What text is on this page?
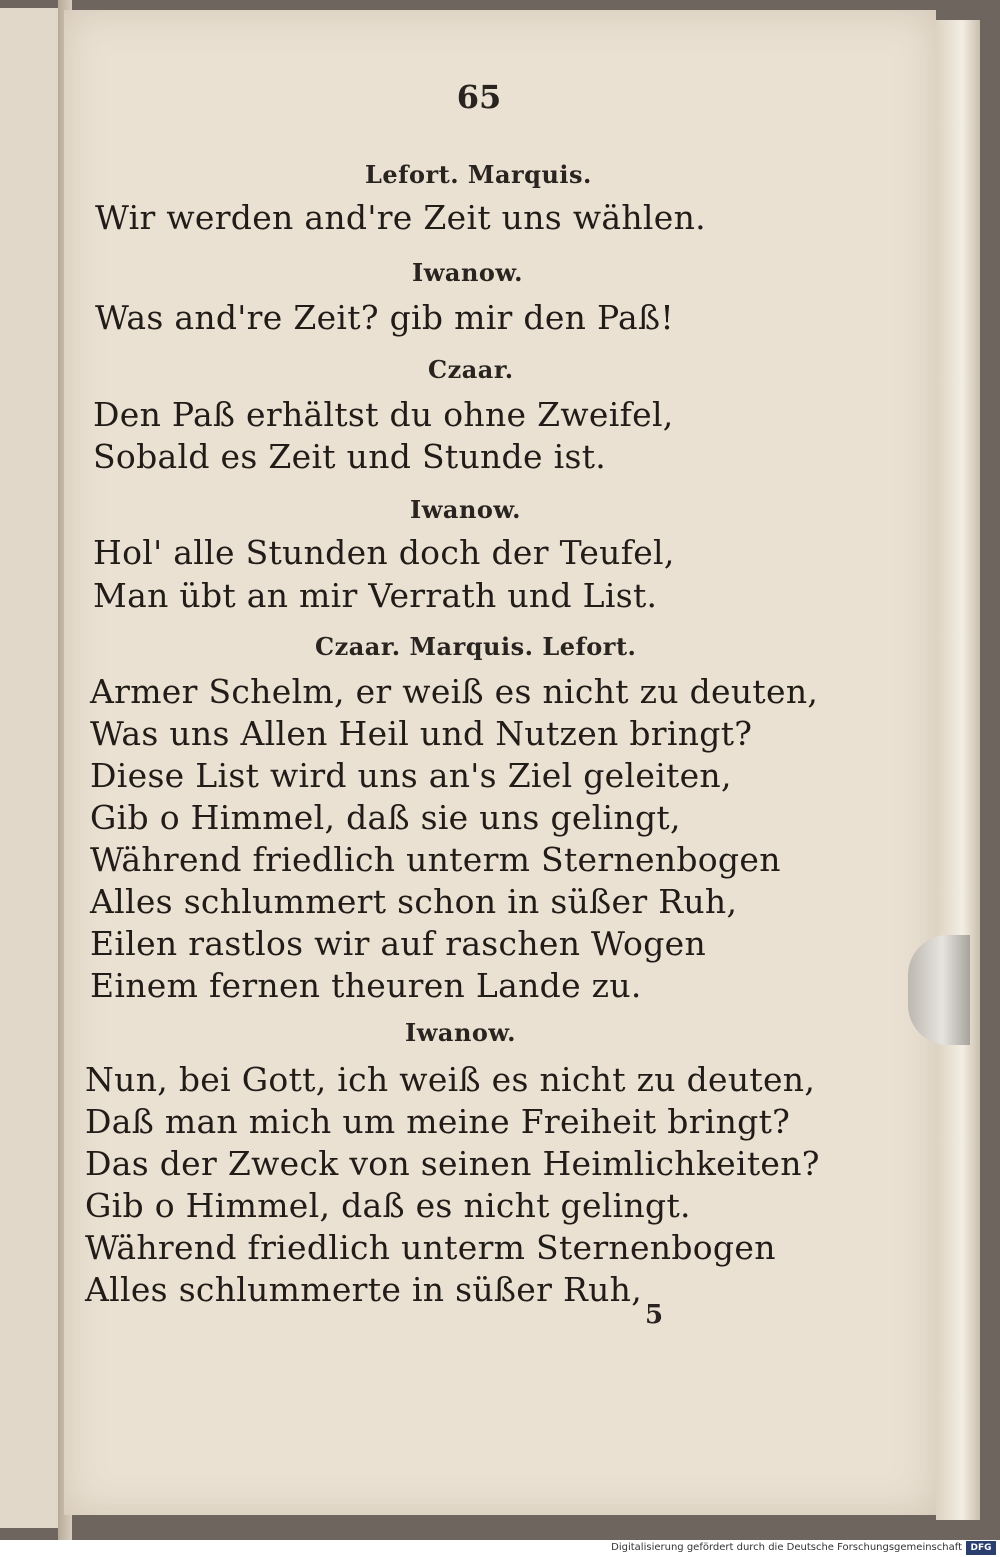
65
Lefort. Marquis.
Wir werden and're Zeit uns wählen.
Iwanow.
Was and're Zeit? gib mir den Paß!
Czaar.
Den Paß erhältst du ohne Zweifel,
Sobald es Zeit und Stunde ist.
Iwanow.
Hol' alle Stunden doch der Teufel,
Man übt an mir Verrath und List.
Czaar. Marquis. Lefort.
Armer Schelm, er weiß es nicht zu deuten,
Was uns Allen Heil und Nutzen bringt?
Diese List wird uns an's Ziel geleiten,
Gib o Himmel, daß sie uns gelingt,
Während friedlich unterm Sternenbogen
Alles schlummert schon in süßer Ruh,
Eilen rastlos wir auf raschen Wogen
Einem fernen theuren Lande zu.
Iwanow.
Nun, bei Gott, ich weiß es nicht zu deuten,
Daß man mich um meine Freiheit bringt?
Das der Zweck von seinen Heimlichkeiten?
Gib o Himmel, daß es nicht gelingt.
Während friedlich unterm Sternenbogen
Alles schlummerte in süßer Ruh,
5
Digitalisierung gefördert durch die Deutsche Forschungsgemeinschaft DFG
